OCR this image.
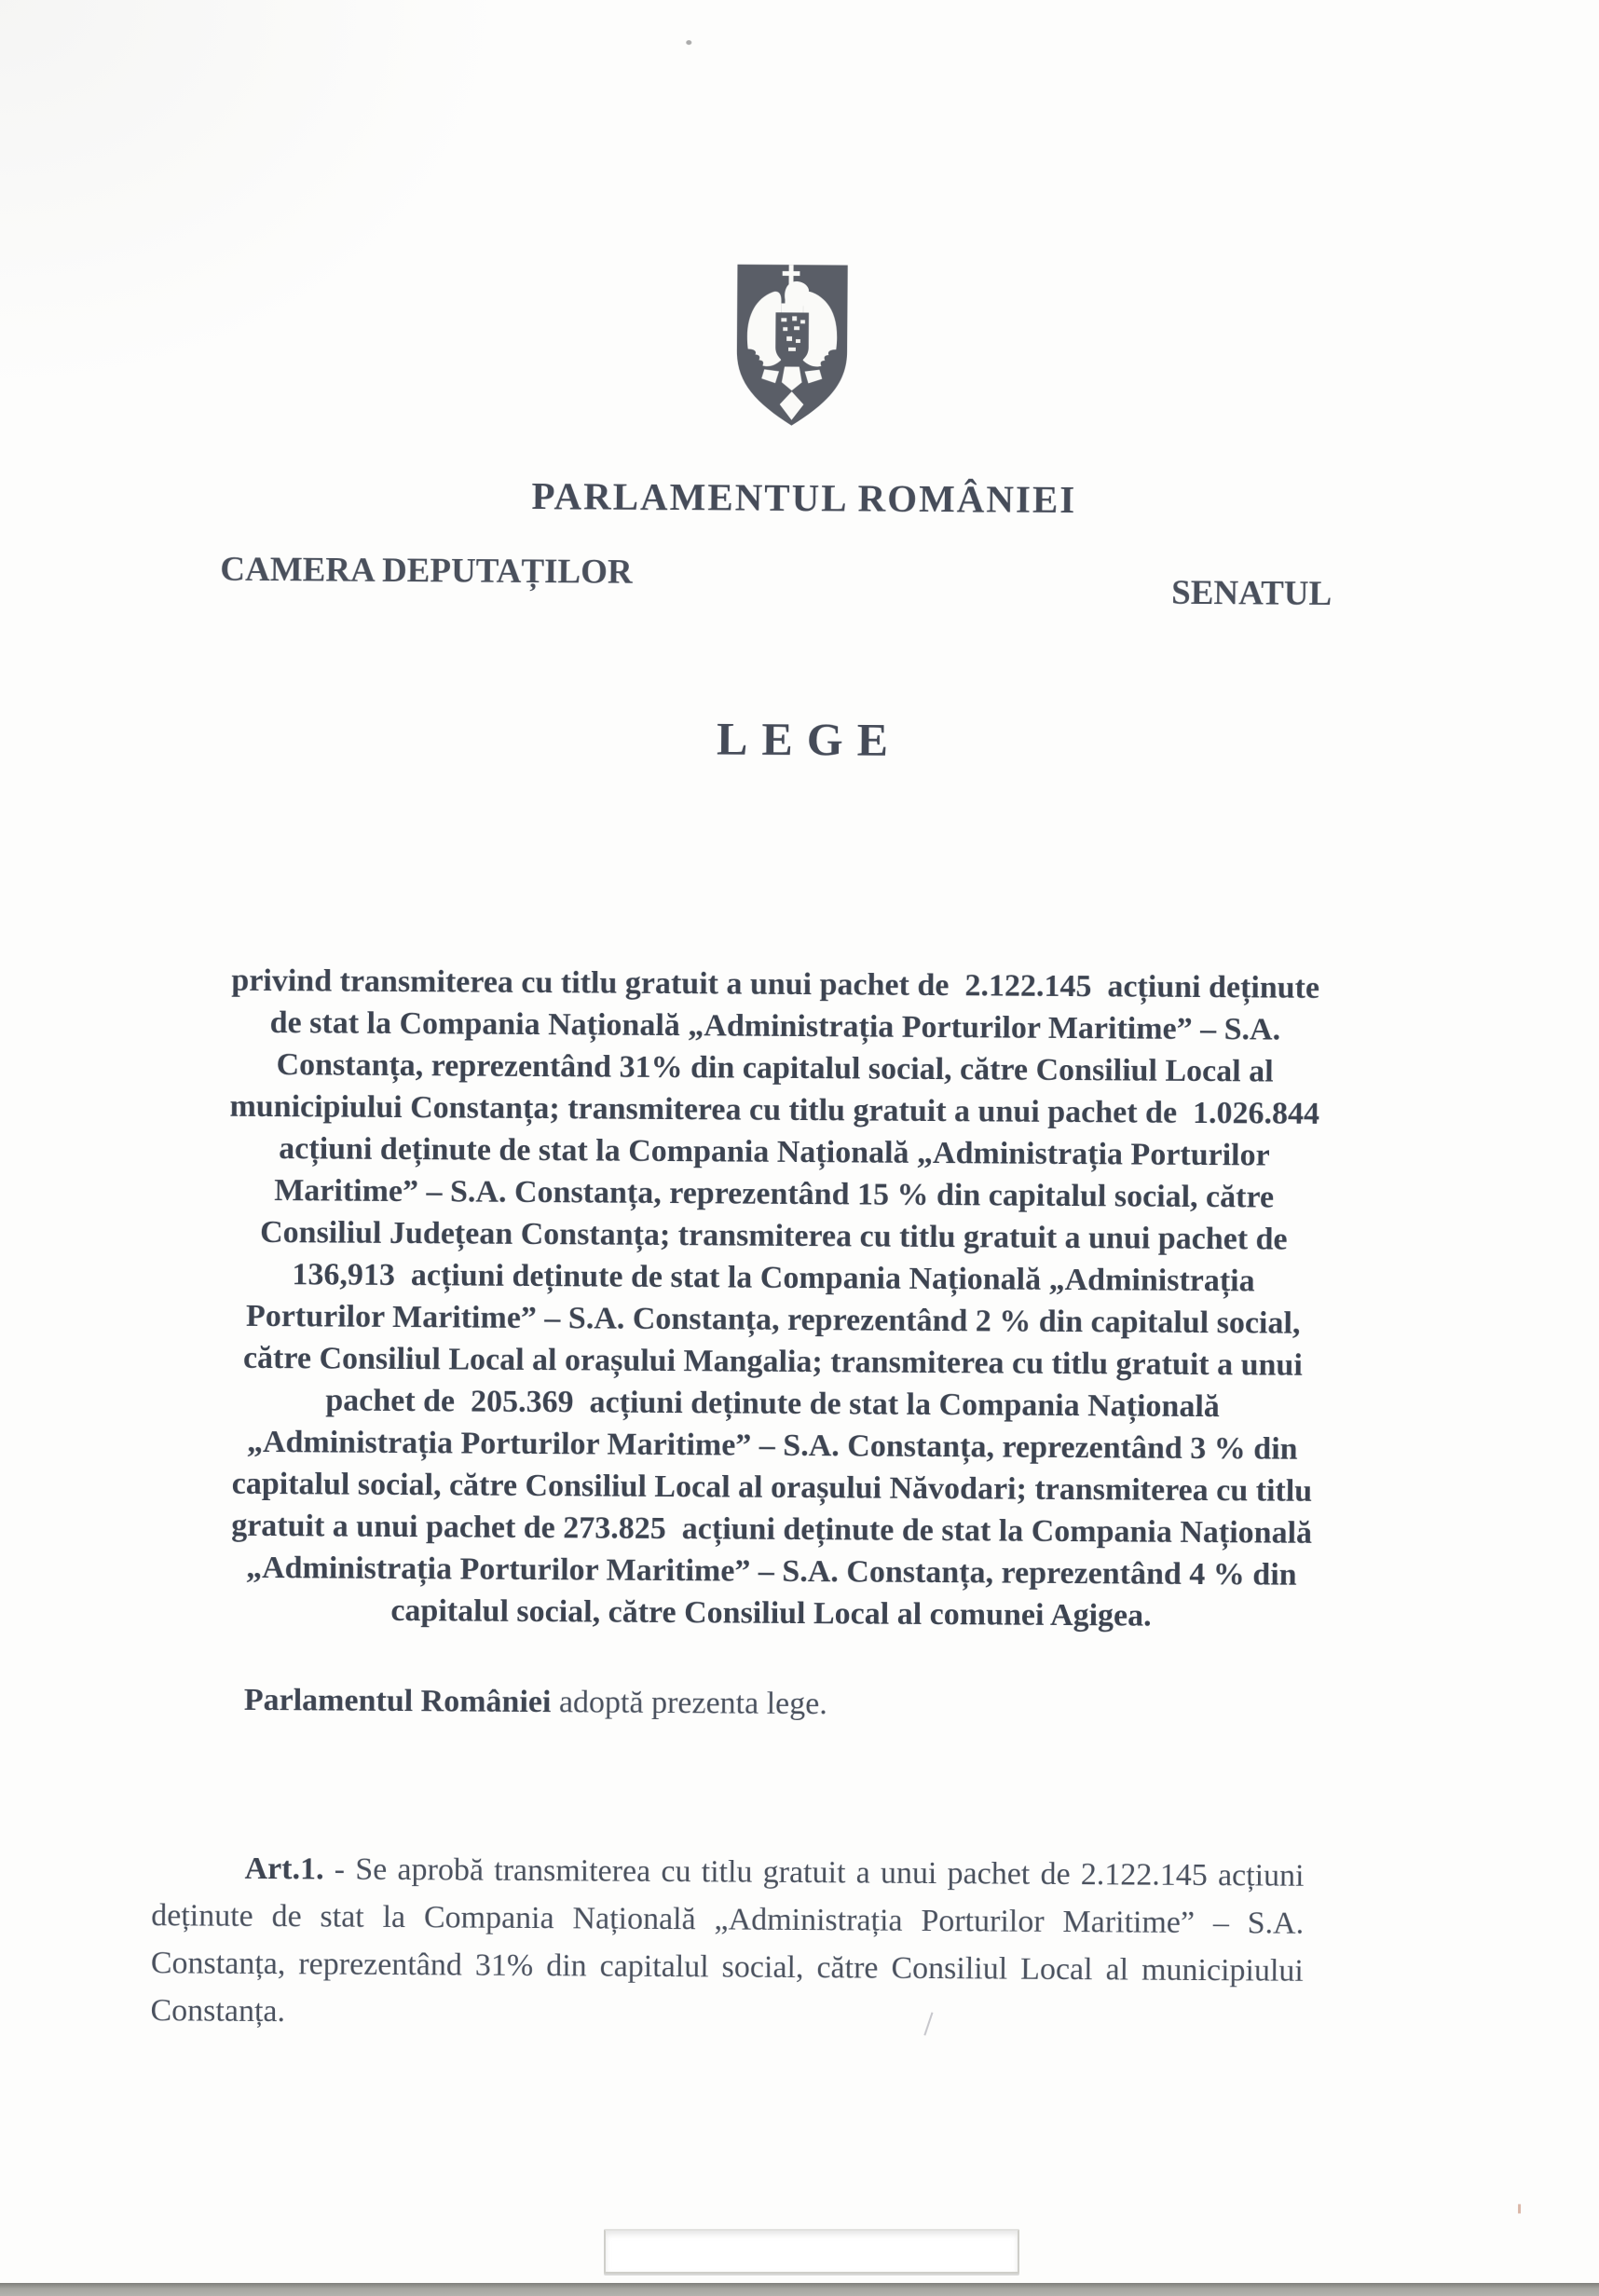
PARLAMENTUL ROMÂNIEI
CAMERA DEPUTAȚILOR
SENATUL
LEGE
privind transmiterea cu titlu gratuit a unui pachet de  2.122.145  acțiuni deținute
de stat la Compania Națională „Administrația Porturilor Maritime” – S.A.
Constanța, reprezentând 31% din capitalul social, către Consiliul Local al
municipiului Constanța; transmiterea cu titlu gratuit a unui pachet de  1.026.844
acțiuni deținute de stat la Compania Națională „Administrația Porturilor
Maritime” – S.A. Constanța, reprezentând 15 % din capitalul social, către
Consiliul Județean Constanța; transmiterea cu titlu gratuit a unui pachet de
136,913  acțiuni deținute de stat la Compania Națională „Administrația
Porturilor Maritime” – S.A. Constanța, reprezentând 2 % din capitalul social,
către Consiliul Local al orașului Mangalia; transmiterea cu titlu gratuit a unui
pachet de  205.369  acțiuni deținute de stat la Compania Națională
„Administrația Porturilor Maritime” – S.A. Constanța, reprezentând 3 % din
capitalul social, către Consiliul Local al orașului Năvodari; transmiterea cu titlu
gratuit a unui pachet de 273.825  acțiuni deținute de stat la Compania Națională
„Administrația Porturilor Maritime” – S.A. Constanța, reprezentând 4 % din
capitalul social, către Consiliul Local al comunei Agigea.
Parlamentul României adoptă prezenta lege.
Art.1. - Se aprobă transmiterea cu titlu gratuit a unui pachet de 2.122.145 acțiuni deținute de stat la Compania Națională „Administrația Porturilor Maritime” – S.A. Constanța, reprezentând 31% din capitalul social, către Consiliul Local al municipiului Constanța.
